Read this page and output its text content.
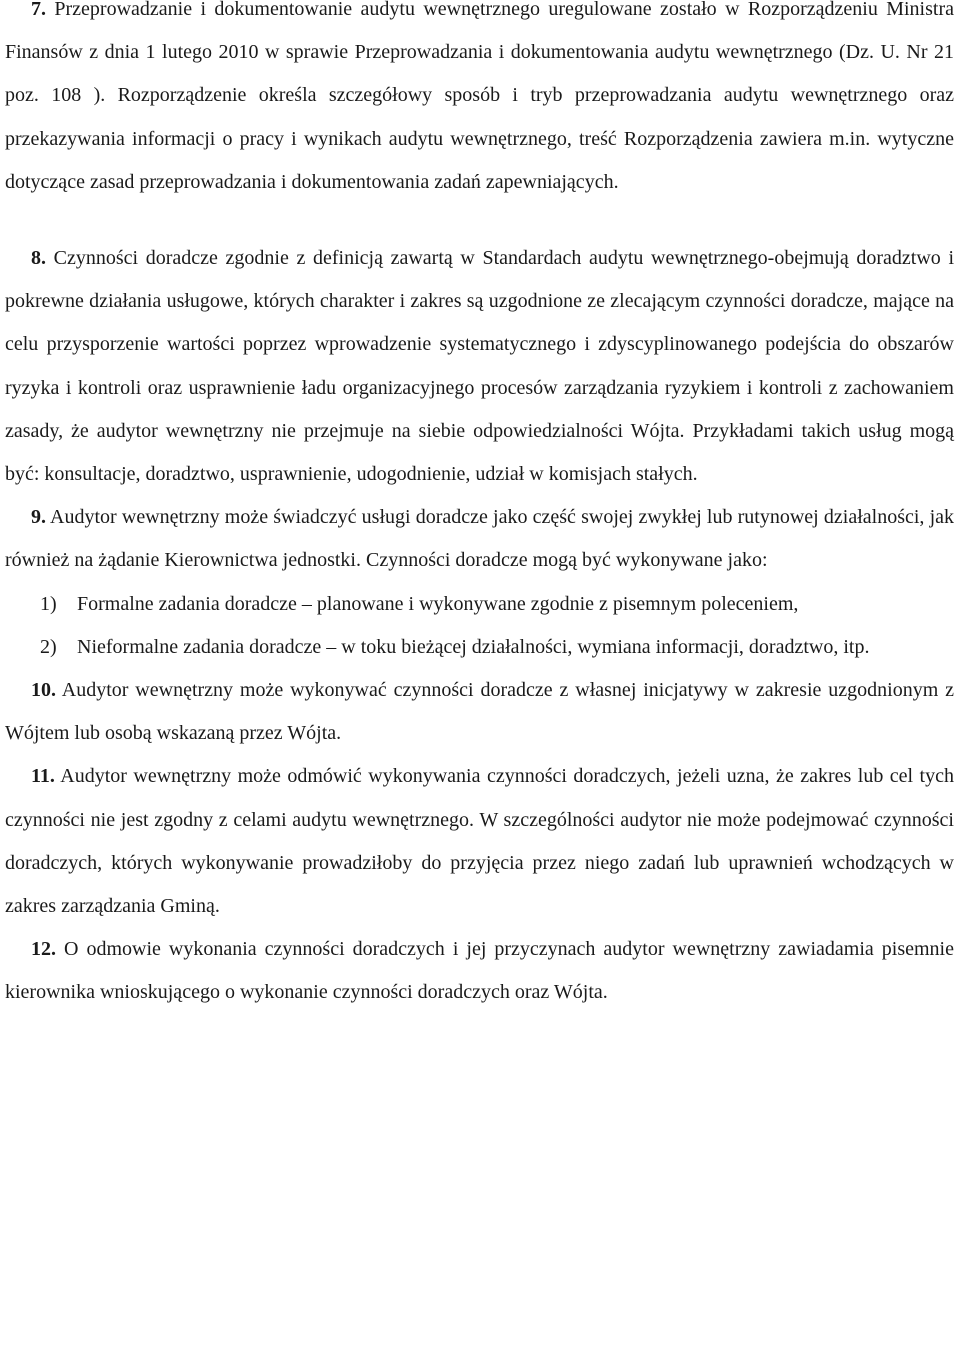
7. Przeprowadzanie i dokumentowanie audytu wewnętrznego uregulowane zostało w Rozporządzeniu Ministra Finansów z dnia 1 lutego 2010 w sprawie Przeprowadzania i dokumentowania audytu wewnętrznego (Dz. U. Nr 21 poz. 108 ). Rozporządzenie określa szczegółowy sposób i tryb przeprowadzania audytu wewnętrznego oraz przekazywania informacji o pracy i wynikach audytu wewnętrznego, treść Rozporządzenia zawiera m.in. wytyczne dotyczące zasad przeprowadzania i dokumentowania zadań zapewniających.

8. Czynności doradcze zgodnie z definicją zawartą w Standardach audytu wewnętrznego-obejmują doradztwo i pokrewne działania usługowe, których charakter i zakres są uzgodnione ze zlecającym czynności doradcze, mające na celu przysporzenie wartości poprzez wprowadzenie systematycznego i zdyscyplinowanego podejścia do obszarów ryzyka i kontroli oraz usprawnienie ładu organizacyjnego procesów zarządzania ryzykiem i kontroli z zachowaniem zasady, że audytor wewnętrzny nie przejmuje na siebie odpowiedzialności Wójta. Przykładami takich usług mogą być: konsultacje, doradztwo, usprawnienie, udogodnienie, udział w komisjach stałych.

9. Audytor wewnętrzny może świadczyć usługi doradcze jako część swojej zwykłej lub rutynowej działalności, jak również na żądanie Kierownictwa jednostki. Czynności doradcze mogą być wykonywane jako:

1) Formalne zadania doradcze – planowane i wykonywane zgodnie z pisemnym poleceniem,
2) Nieformalne zadania doradcze – w toku bieżącej działalności, wymiana informacji, doradztwo, itp.

10. Audytor wewnętrzny może wykonywać czynności doradcze z własnej inicjatywy w zakresie uzgodnionym z Wójtem lub osobą wskazaną przez Wójta.

11. Audytor wewnętrzny może odmówić wykonywania czynności doradczych, jeżeli uzna, że zakres lub cel tych czynności nie jest zgodny z celami audytu wewnętrznego. W szczególności audytor nie może podejmować czynności doradczych, których wykonywanie prowadziłoby do przyjęcia przez niego zadań lub uprawnień wchodzących w zakres zarządzania Gminą.

12. O odmowie wykonania czynności doradczych i jej przyczynach audytor wewnętrzny zawiadamia pisemnie kierownika wnioskującego o wykonanie czynności doradczych oraz Wójta.
